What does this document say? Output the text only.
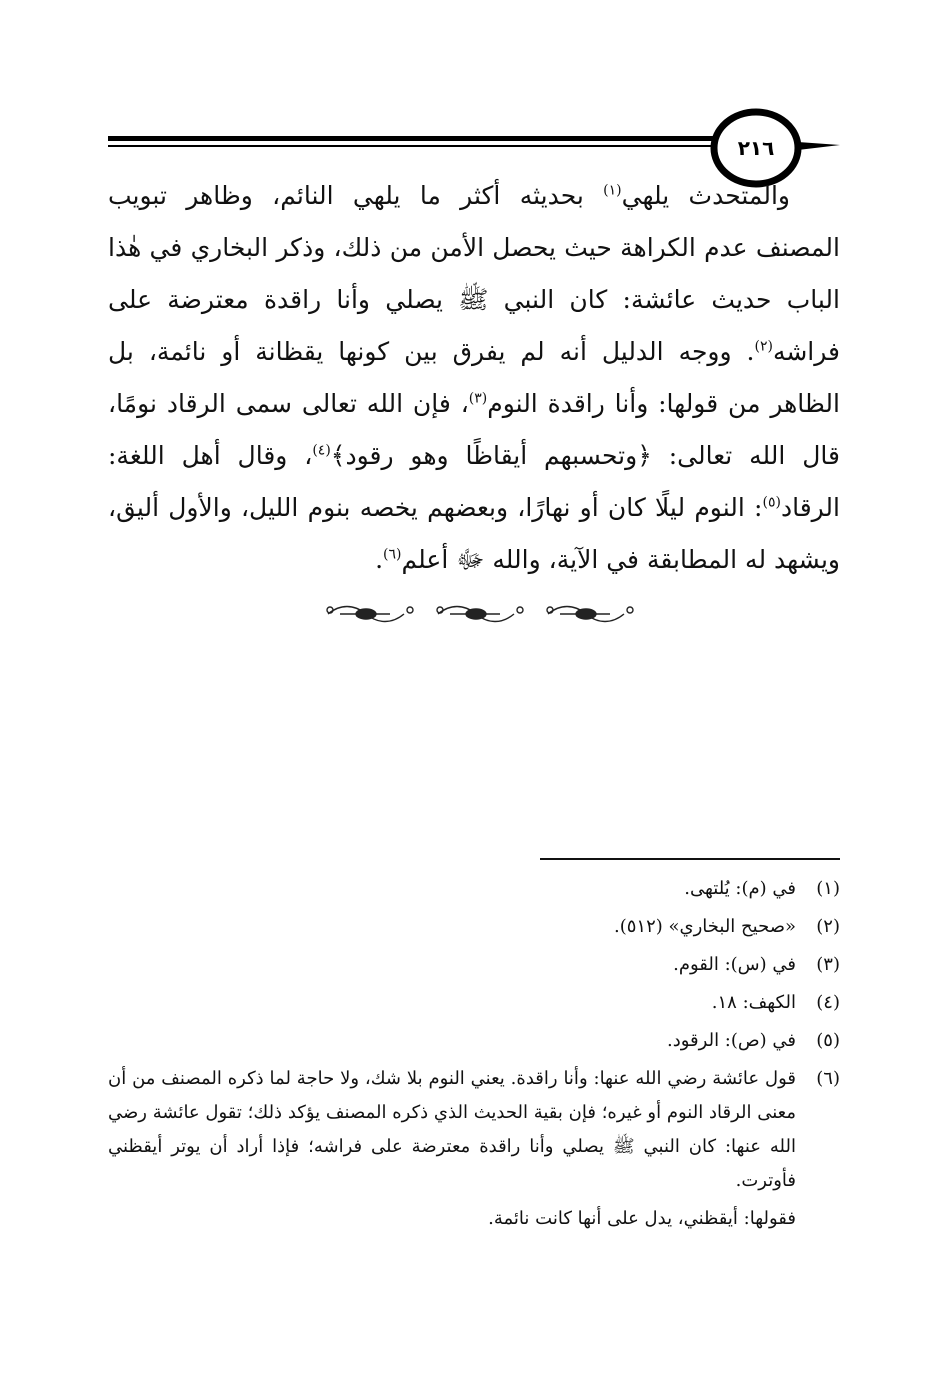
٢١٦

والمتحدث يلهي$^{(١)}$ بحديثه أكثر ما يلهي النائم، وظاهر تبويب المصنف عدم الكراهة حيث يحصل الأمن من ذلك، وذكر البخاري في هٰذا الباب حديث عائشة: كان النبي ﷺ يصلي وأنا راقدة معترضة على فراشه$^{(٢)}$. ووجه الدليل أنه لم يفرق بين كونها يقظانة أو نائمة، بل الظاهر من قولها: وأنا راقدة النوم$^{(٣)}$، فإن الله تعالى سمى الرقاد نومًا، قال الله تعالى: ﴿وتحسبهم أيقاظًا وهو رقود﴾$^{(٤)}$، وقال أهل اللغة: الرقاد$^{(٥)}$: النوم ليلًا كان أو نهارًا، وبعضهم يخصه بنوم الليل، والأول أليق، ويشهد له المطابقة في الآية، والله ﷻ أعلم$^{(٦)}$.

(١)
في (م): يُلتهى.
(٢)
«صحيح البخاري» (٥١٢).
(٣)
في (س): القوم.
(٤)
الكهف: ١٨.
(٥)
في (ص): الرقود.
(٦)
قول عائشة رضي الله عنها: وأنا راقدة. يعني النوم بلا شك، ولا حاجة لما ذكره المصنف من أن معنى الرقاد النوم أو غيره؛ فإن بقية الحديث الذي ذكره المصنف يؤكد ذلك؛ تقول عائشة رضي الله عنها: كان النبي ﷺ يصلي وأنا راقدة معترضة على فراشه؛ فإذا أراد أن يوتر أيقظني فأوترت.
فقولها: أيقظني، يدل على أنها كانت نائمة.
